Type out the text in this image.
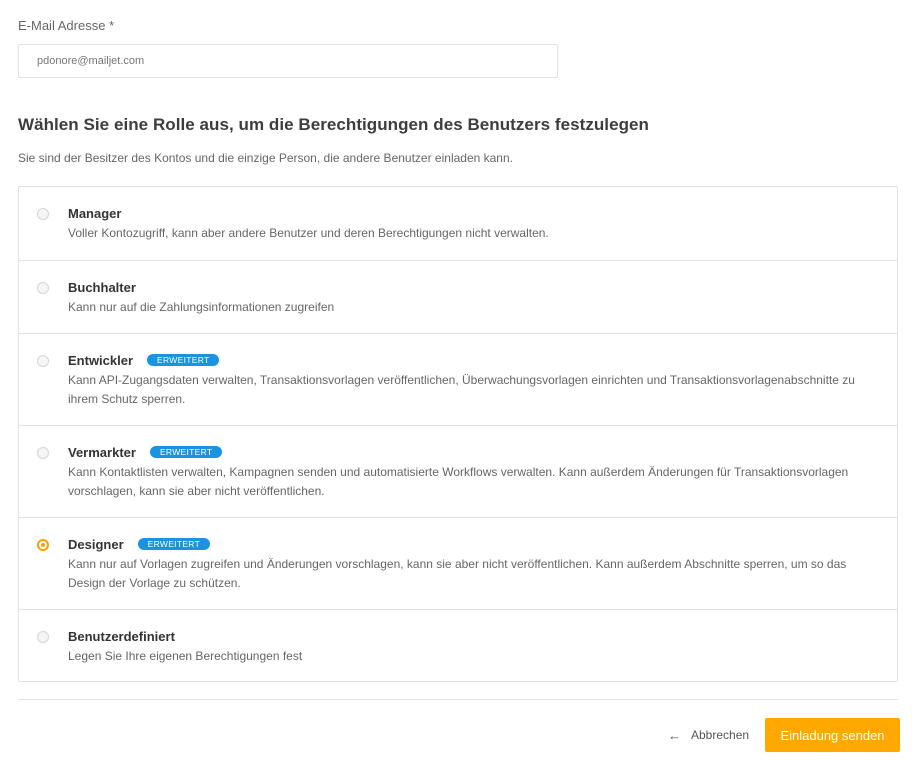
E-Mail Adresse *
pdonore@mailjet.com
Wählen Sie eine Rolle aus, um die Berechtigungen des Benutzers festzulegen

Sie sind der Besitzer des Kontos und die einzige Person, die andere Benutzer einladen kann.

Manager
Voller Kontozugriff, kann aber andere Benutzer und deren Berechtigungen nicht verwalten.
Buchhalter
Kann nur auf die Zahlungsinformationen zugreifen
Entwickler	ERWEITERT
Kann API-Zugangsdaten verwalten, Transaktionsvorlagen veröffentlichen, Überwachungsvorlagen einrichten und Transaktionsvorlagenabschnitte zu ihrem Schutz sperren.
Vermarkter	ERWEITERT
Kann Kontaktlisten verwalten, Kampagnen senden und automatisierte Workflows verwalten. Kann außerdem Änderungen für Transaktionsvorlagen vorschlagen, kann sie aber nicht veröffentlichen.
Designer	ERWEITERT
Kann nur auf Vorlagen zugreifen und Änderungen vorschlagen, kann sie aber nicht veröffentlichen. Kann außerdem Abschnitte sperren, um so das Design der Vorlage zu schützen.
Benutzerdefiniert
Legen Sie Ihre eigenen Berechtigungen fest
← Abbrechen	Einladung senden
